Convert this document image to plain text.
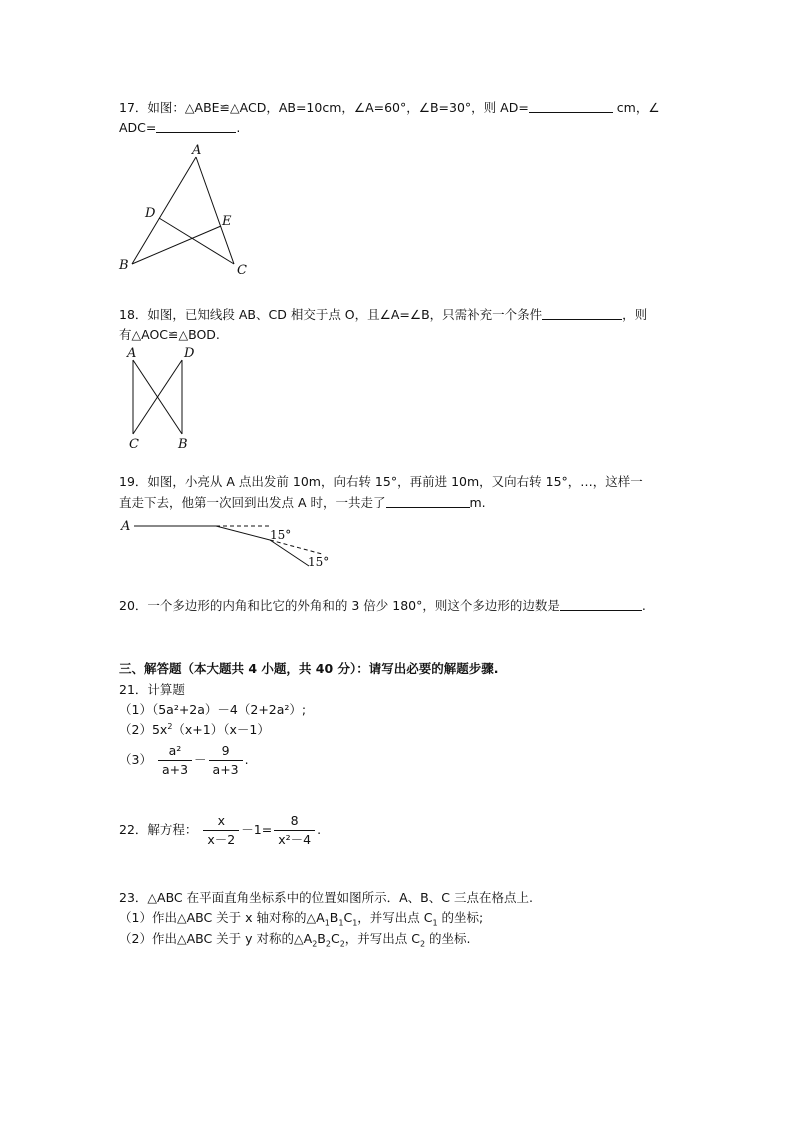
17．如图：△ABE≌△ACD，AB=10cm，∠A=60°，∠B=30°，则 AD=	cm，∠
ADC=	.
A
D
E
B	C
18．如图，已知线段 AB、CD 相交于点 O，且∠A=∠B，只需补充一个条件	，则
有△AOC≌△BOD.
A	D
C	B
19．如图，小亮从 A 点出发前 10m，向右转 15°，再前进 10m，又向右转 15°，…，这样一
直走下去，他第一次回到出发点 A 时，一共走了	m.
A
15°
15°
20．一个多边形的内角和比它的外角和的 3 倍少 180°，则这个多边形的边数是	.
三、解答题（本大题共 4 小题，共 40 分）：请写出必要的解题步骤.
21．计算题
（1）（5a²+2a）－4（2+2a²）;
$(2)5x^2(x+1)(x-1)$
$(3) \frac{\text{a²}}{a+3} - \frac{9}{a+3}$ .
22．解方程： $\frac{x}{x-2} -1= \frac{8}{\text{x²－4}}$ .
23．△ABC 在平面直角坐标系中的位置如图所示．A、B、C 三点在格点上.
（1）作出△ABC 关于 x 轴对称的$\triangle A_1B_1C_1$，并写出点 $C_1$ 的坐标;
（2）作出△ABC 关于 y 对称的$\triangle A_2B_2C_2$，并写出点 $C_2$ 的坐标.
